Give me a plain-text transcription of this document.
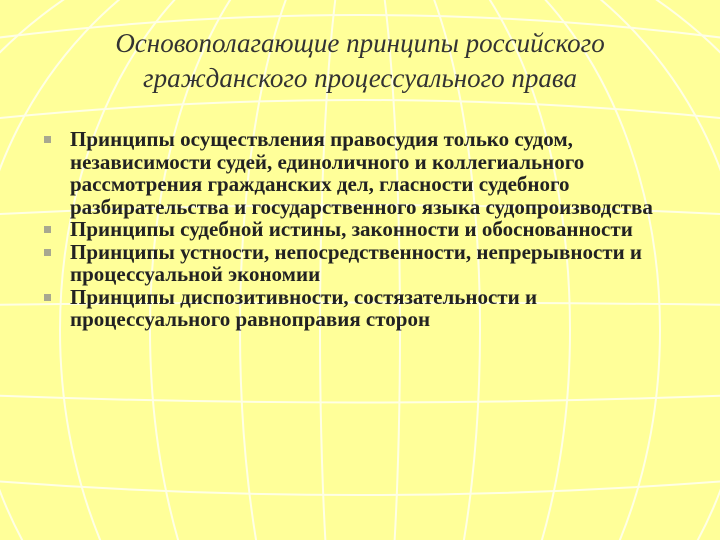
Основополагающие принципы российского
гражданского процессуального права
Принципы осуществления правосудия только судом, независимости судей, единоличного и коллегиального рассмотрения гражданских дел, гласности судебного разбирательства и государственного языка судопроизводства
Принципы судебной истины, законности и обоснованности
Принципы устности, непосредственности, непрерывности и процессуальной экономии
Принципы диспозитивности, состязательности и процессуального равноправия сторон
